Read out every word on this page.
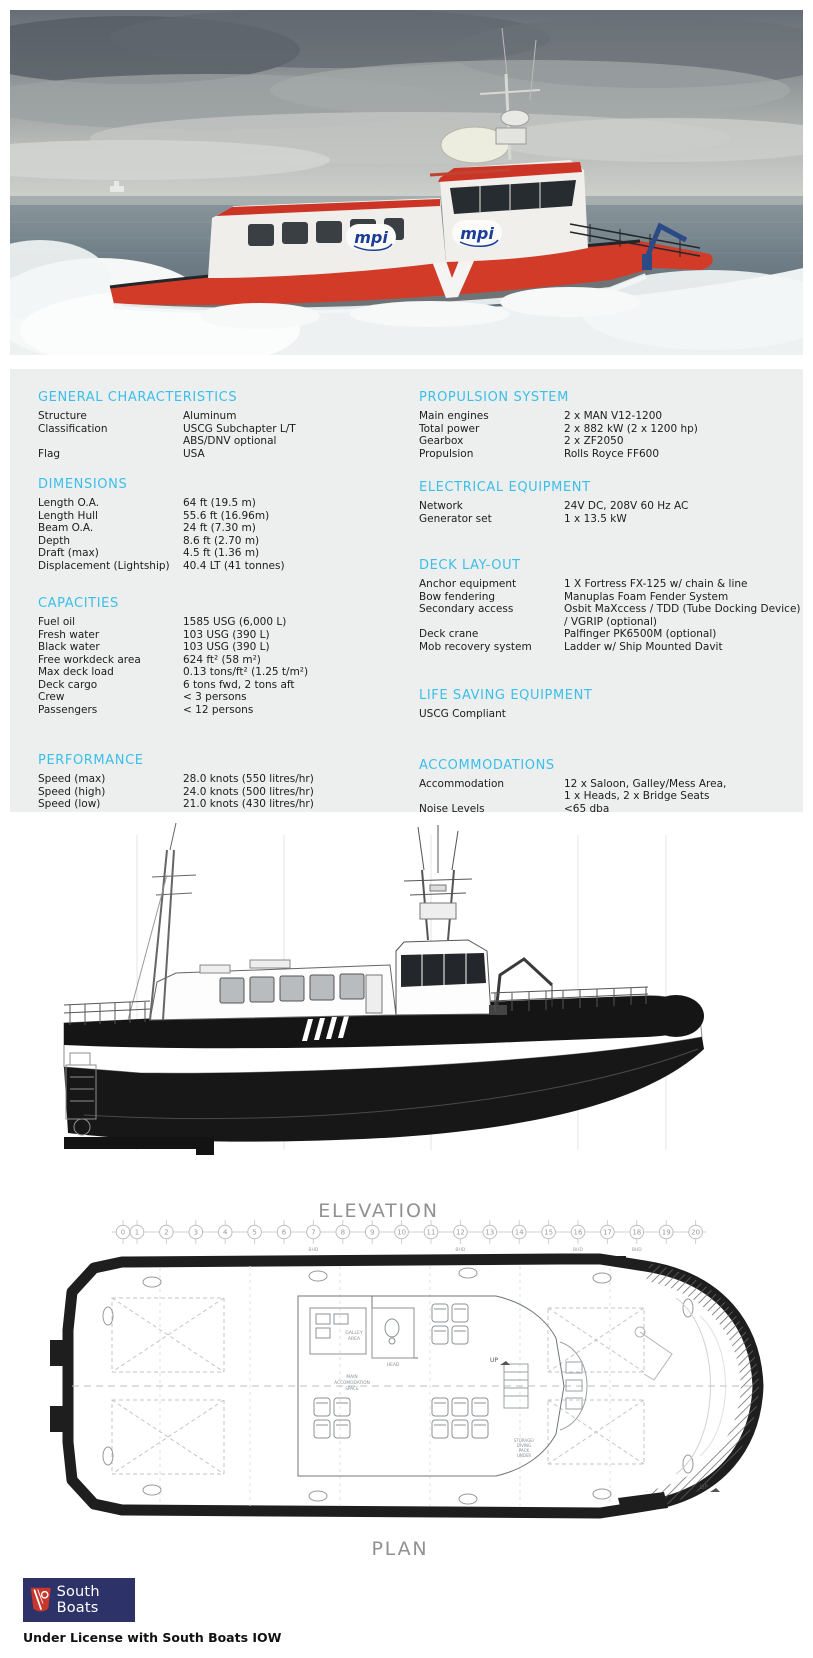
mpi	mpi
GENERAL CHARACTERISTICS
Structure	Aluminum
Classification	USCG Subchapter L/T
ABS/DNV optional
Flag	USA
DIMENSIONS
Length O.A.	64 ft (19.5 m)
Length Hull	55.6 ft (16.96m)
Beam O.A.	24 ft (7.30 m)
Depth	8.6 ft (2.70 m)
Draft (max)	4.5 ft (1.36 m)
Displacement (Lightship)	40.4 LT (41 tonnes)
CAPACITIES
Fuel oil	1585 USG (6,000 L)
Fresh water	103 USG (390 L)
Black water	103 USG (390 L)
Free workdeck area	624 ft² (58 m²)
Max deck load	0.13 tons/ft² (1.25 t/m²)
Deck cargo	6 tons fwd, 2 tons aft
Crew	< 3 persons
Passengers	< 12 persons
PERFORMANCE
Speed (max)	28.0 knots (550 litres/hr)
Speed (high)	24.0 knots (500 litres/hr)
Speed (low)	21.0 knots (430 litres/hr)
PROPULSION SYSTEM
Main engines	2 x MAN V12-1200
Total power	2 x 882 kW (2 x 1200 hp)
Gearbox	2 x ZF2050
Propulsion	Rolls Royce FF600
ELECTRICAL EQUIPMENT
Network	24V DC, 208V 60 Hz AC
Generator set	1 x 13.5 kW
DECK LAY-OUT
Anchor equipment	1 X Fortress FX-125 w/ chain & line
Bow fendering	Manuplas Foam Fender System
Secondary access	Osbit MaXccess / TDD (Tube Docking Device)
/ VGRIP (optional)
Deck crane	Palfinger PK6500M (optional)
Mob recovery system	Ladder w/ Ship Mounted Davit
LIFE SAVING EQUIPMENT
USCG Compliant
ACCOMMODATIONS
Accommodation	12 x Saloon, Galley/Mess Area,
1 x Heads, 2 x Bridge Seats
Noise Levels	<65 dba
ELEVATION
0 1	2	3	4	5	6	7
BHD
8	9	10	11	12
BHD
13	14	15	16
BHD
17	18
BHD
19	20
GALLEY
AREA
HEAD
MAIN
ACCOMODATION
SPACE
UP
UP
STORAGE/
DIVING
PACK
UNDER
PLAN
South Boats
Under License with South Boats IOW
